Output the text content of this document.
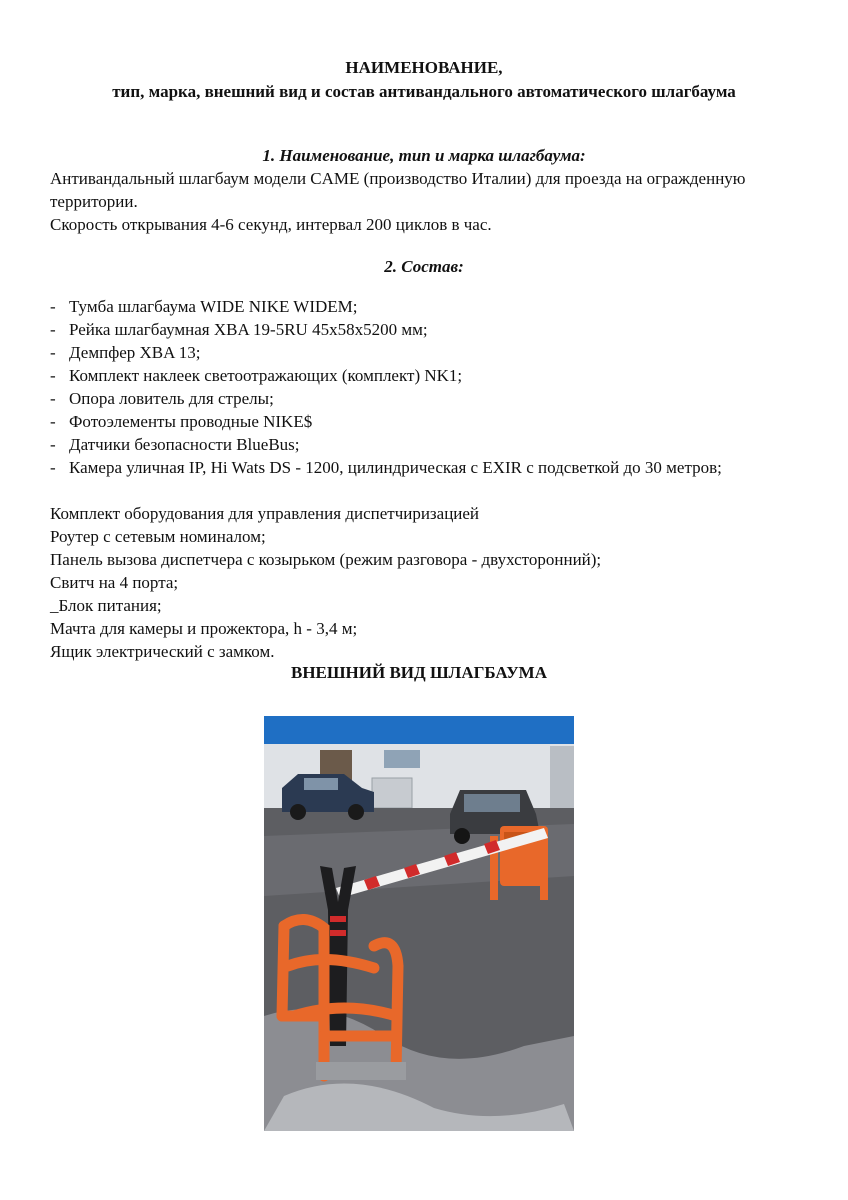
НАИМЕНОВАНИЕ,
тип, марка, внешний вид и состав антивандального автоматического шлагбаума
1. Наименование, тип и марка шлагбаума:
Антивандальный шлагбаум модели CAME (производство Италии) для проезда на огражденную территории.
Скорость открывания 4-6 секунд, интервал 200 циклов в час.
2. Состав:
- Тумба шлагбаума WIDE NIKE WIDEM;
- Рейка шлагбаумная XBA 19-5RU 45х58х5200 мм;
- Демпфер XBA 13;
- Комплект наклеек светоотражающих (комплект) NK1;
- Опора ловитель для стрелы;
- Фотоэлементы проводные NIKE$
- Датчики безопасности BlueBus;
- Камера уличная IP, Hi Wats DS - 1200, цилиндрическая с EXIR с подсветкой до 30 метров;
Комплект оборудования для управления диспетчиризацией
Роутер с сетевым номиналом;
Панель вызова диспетчера с козырьком (режим разговора - двухсторонний);
Свитч на 4 порта;
_Блок питания;
Мачта для камеры и прожектора, h - 3,4 м;
Ящик электрический с замком.
ВНЕШНИЙ ВИД ШЛАГБАУМА
